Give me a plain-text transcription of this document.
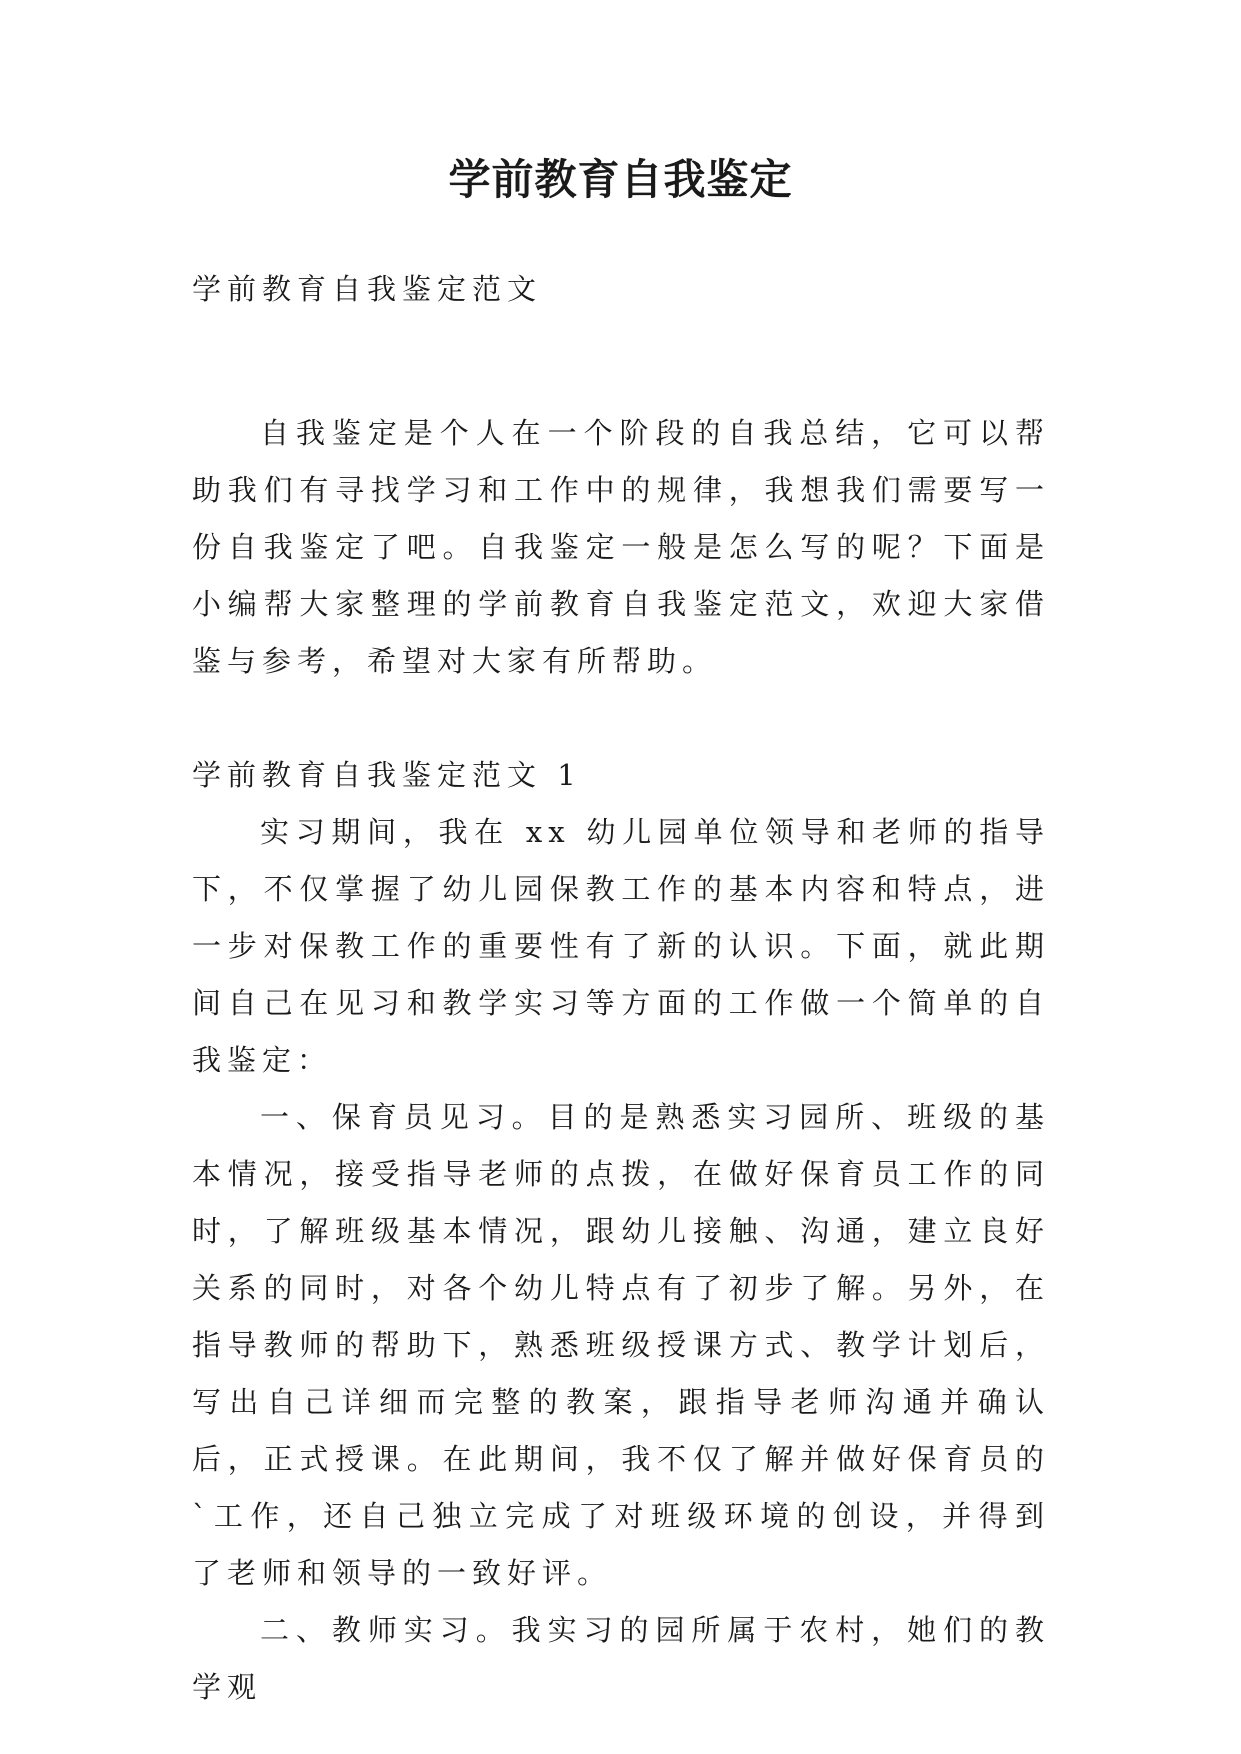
学前教育自我鉴定

学前教育自我鉴定范文

自我鉴定是个人在一个阶段的自我总结，它可以帮助我们有寻找学习和工作中的规律，我想我们需要写一份自我鉴定了吧。自我鉴定一般是怎么写的呢？下面是小编帮大家整理的学前教育自我鉴定范文，欢迎大家借鉴与参考，希望对大家有所帮助。

学前教育自我鉴定范文 1

实习期间，我在 xx 幼儿园单位领导和老师的指导下，不仅掌握了幼儿园保教工作的基本内容和特点，进一步对保教工作的重要性有了新的认识。下面，就此期间自己在见习和教学实习等方面的工作做一个简单的自我鉴定：

一、保育员见习。目的是熟悉实习园所、班级的基本情况，接受指导老师的点拨，在做好保育员工作的同时，了解班级基本情况，跟幼儿接触、沟通，建立良好关系的同时，对各个幼儿特点有了初步了解。另外，在指导教师的帮助下，熟悉班级授课方式、教学计划后，写出自己详细而完整的教案，跟指导老师沟通并确认后，正式授课。在此期间，我不仅了解并做好保育员的`工作，还自己独立完成了对班级环境的创设，并得到了老师和领导的一致好评。

二、教师实习。我实习的园所属于农村，她们的教学观
